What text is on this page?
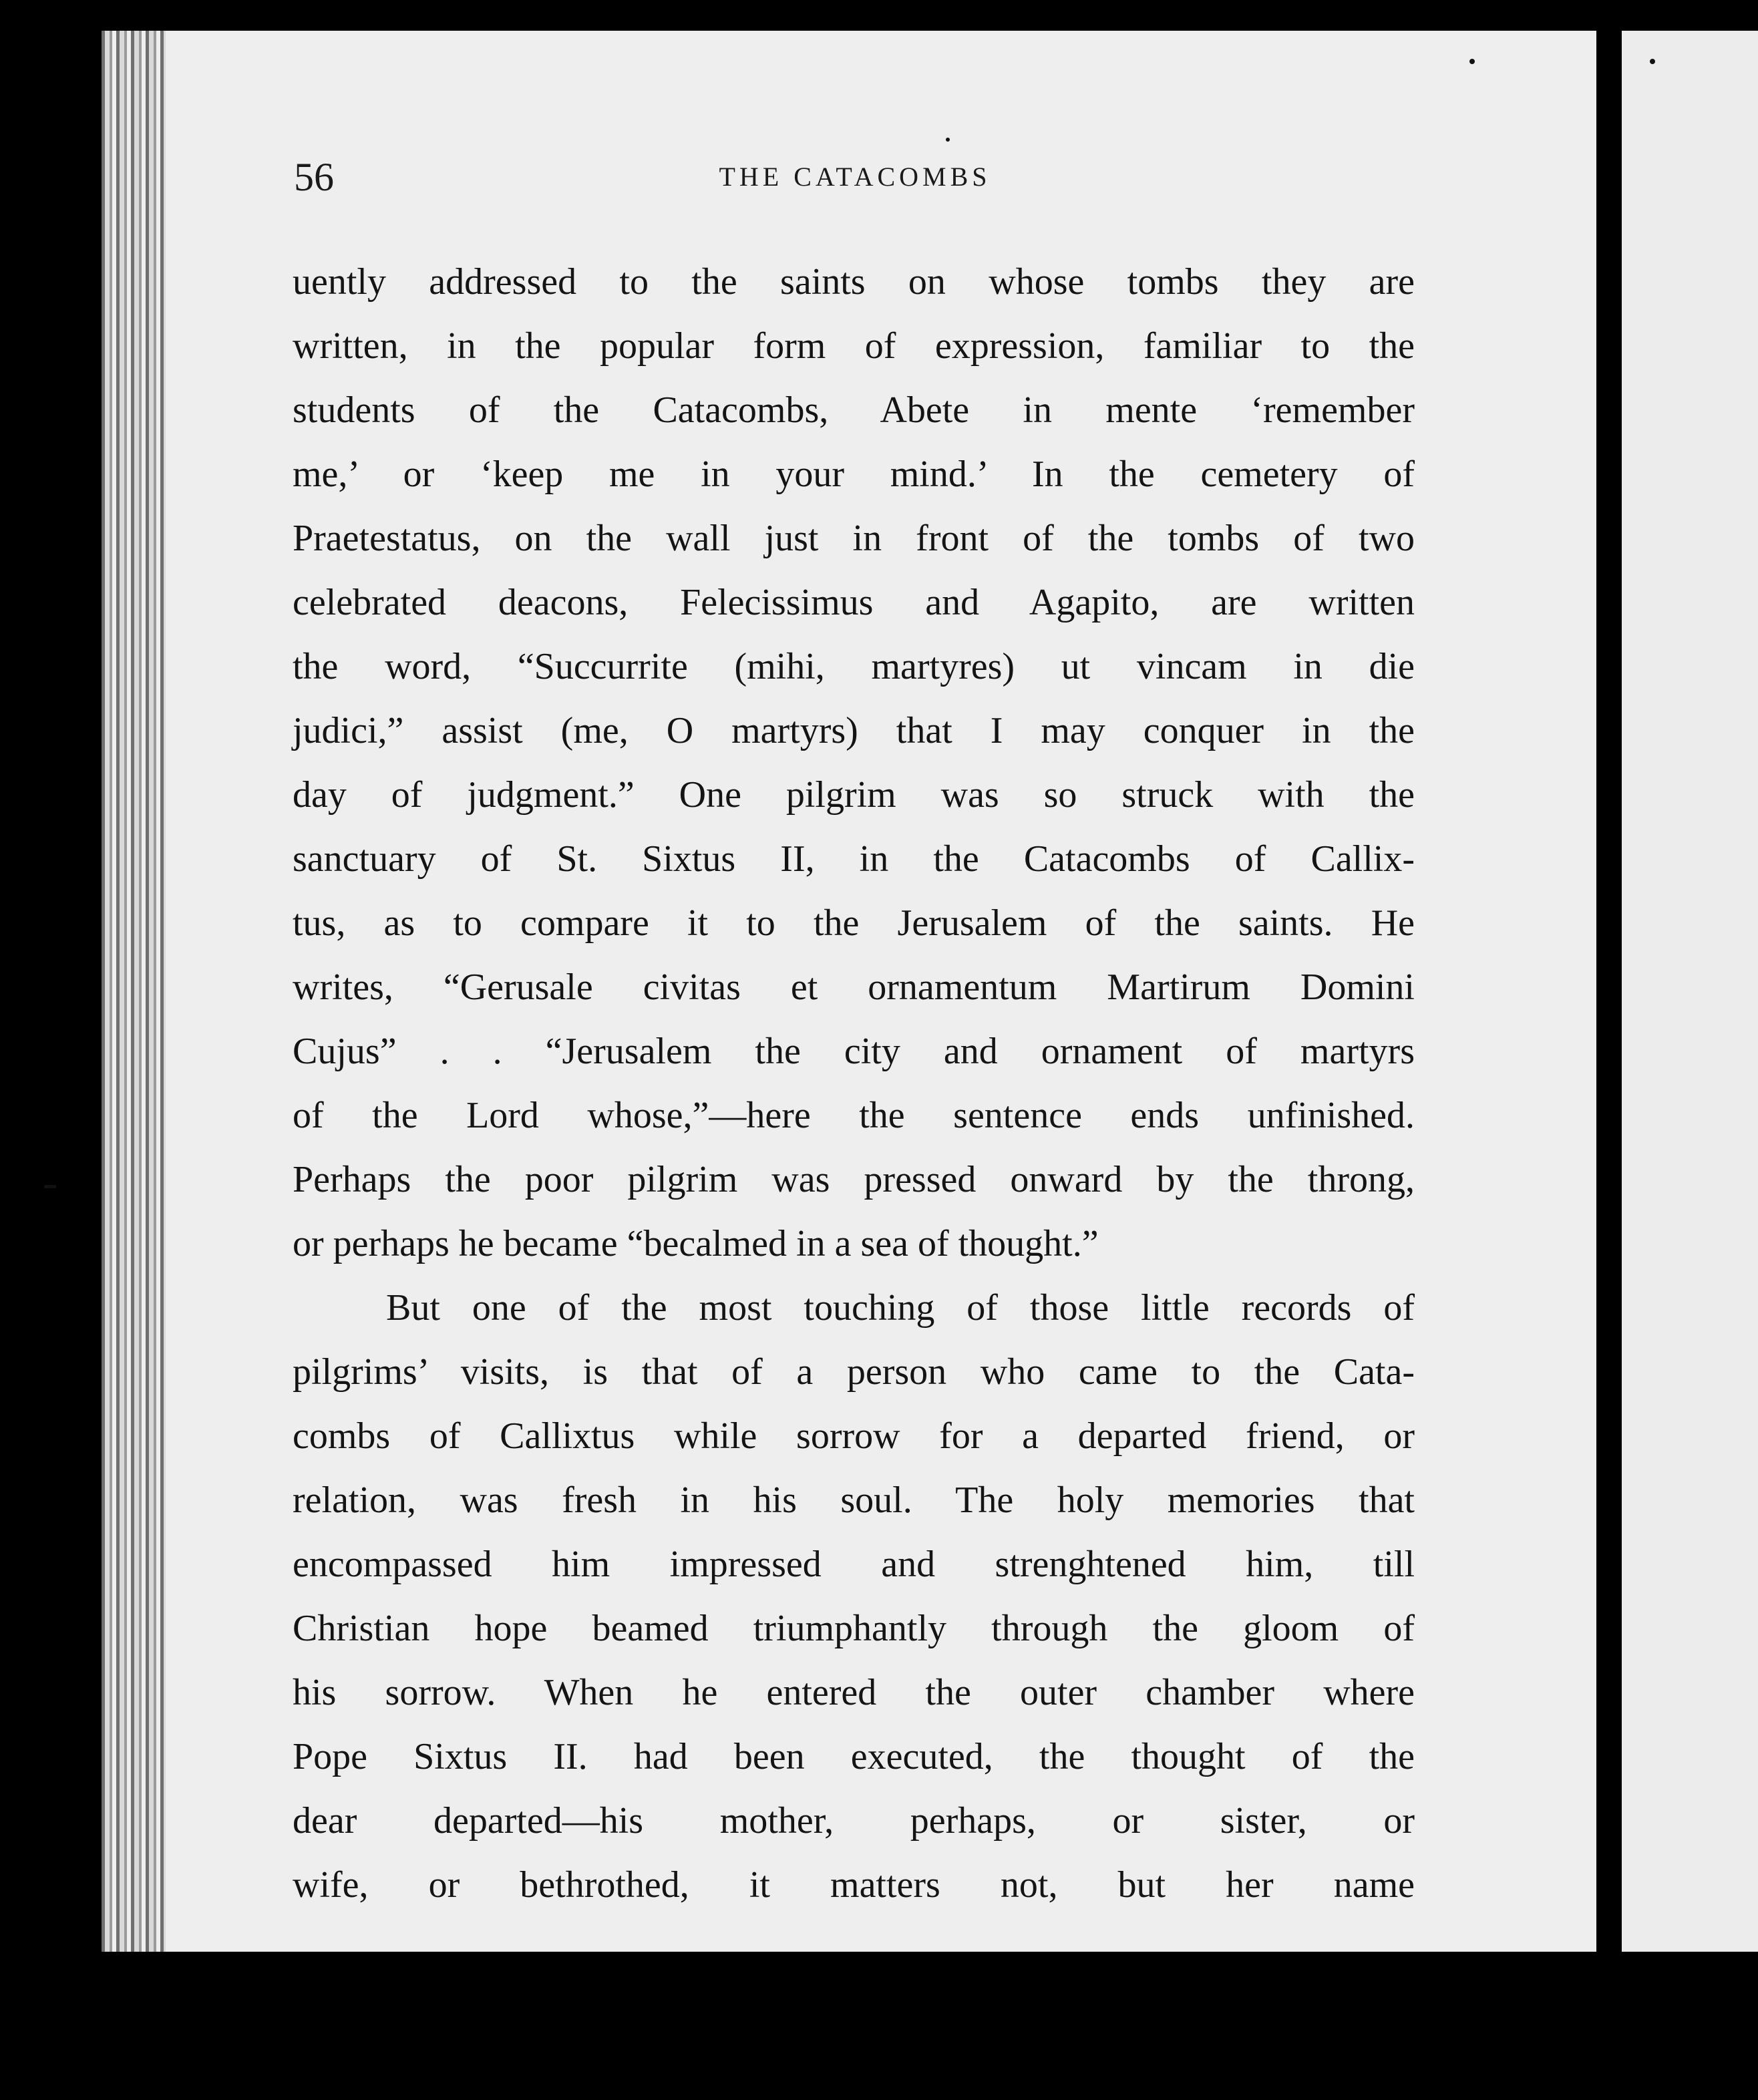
56	THE CATACOMBS
uently addressed to the saints on whose tombs they are
written, in the popular form of expression, familiar to the
students of the Catacombs, Abete in mente ‘remember
me,’ or ‘keep me in your mind.’ In the cemetery of
Praetestatus, on the wall just in front of the tombs of two
celebrated deacons, Felecissimus and Agapito, are written
the word, “Succurrite (mihi, martyres) ut vincam in die
judici,” assist (me, O martyrs) that I may conquer in the
day of judgment.” One pilgrim was so struck with the
sanctuary of St. Sixtus II, in the Catacombs of Callix-
tus, as to compare it to the Jerusalem of the saints. He
writes, “Gerusale civitas et ornamentum Martirum Domini
Cujus” . . “Jerusalem the city and ornament of martyrs
of the Lord whose,”—here the sentence ends unfinished.
Perhaps the poor pilgrim was pressed onward by the throng,
or perhaps he became “becalmed in a sea of thought.”
But one of the most touching of those little records of
pilgrims’ visits, is that of a person who came to the Cata-
combs of Callixtus while sorrow for a departed friend, or
relation, was fresh in his soul. The holy memories that
encompassed him impressed and strenghtened him, till
Christian hope beamed triumphantly through the gloom of
his sorrow. When he entered the outer chamber where
Pope Sixtus II. had been executed, the thought of the
dear departed—his mother, perhaps, or sister, or
wife, or bethrothed, it matters not, but her name
